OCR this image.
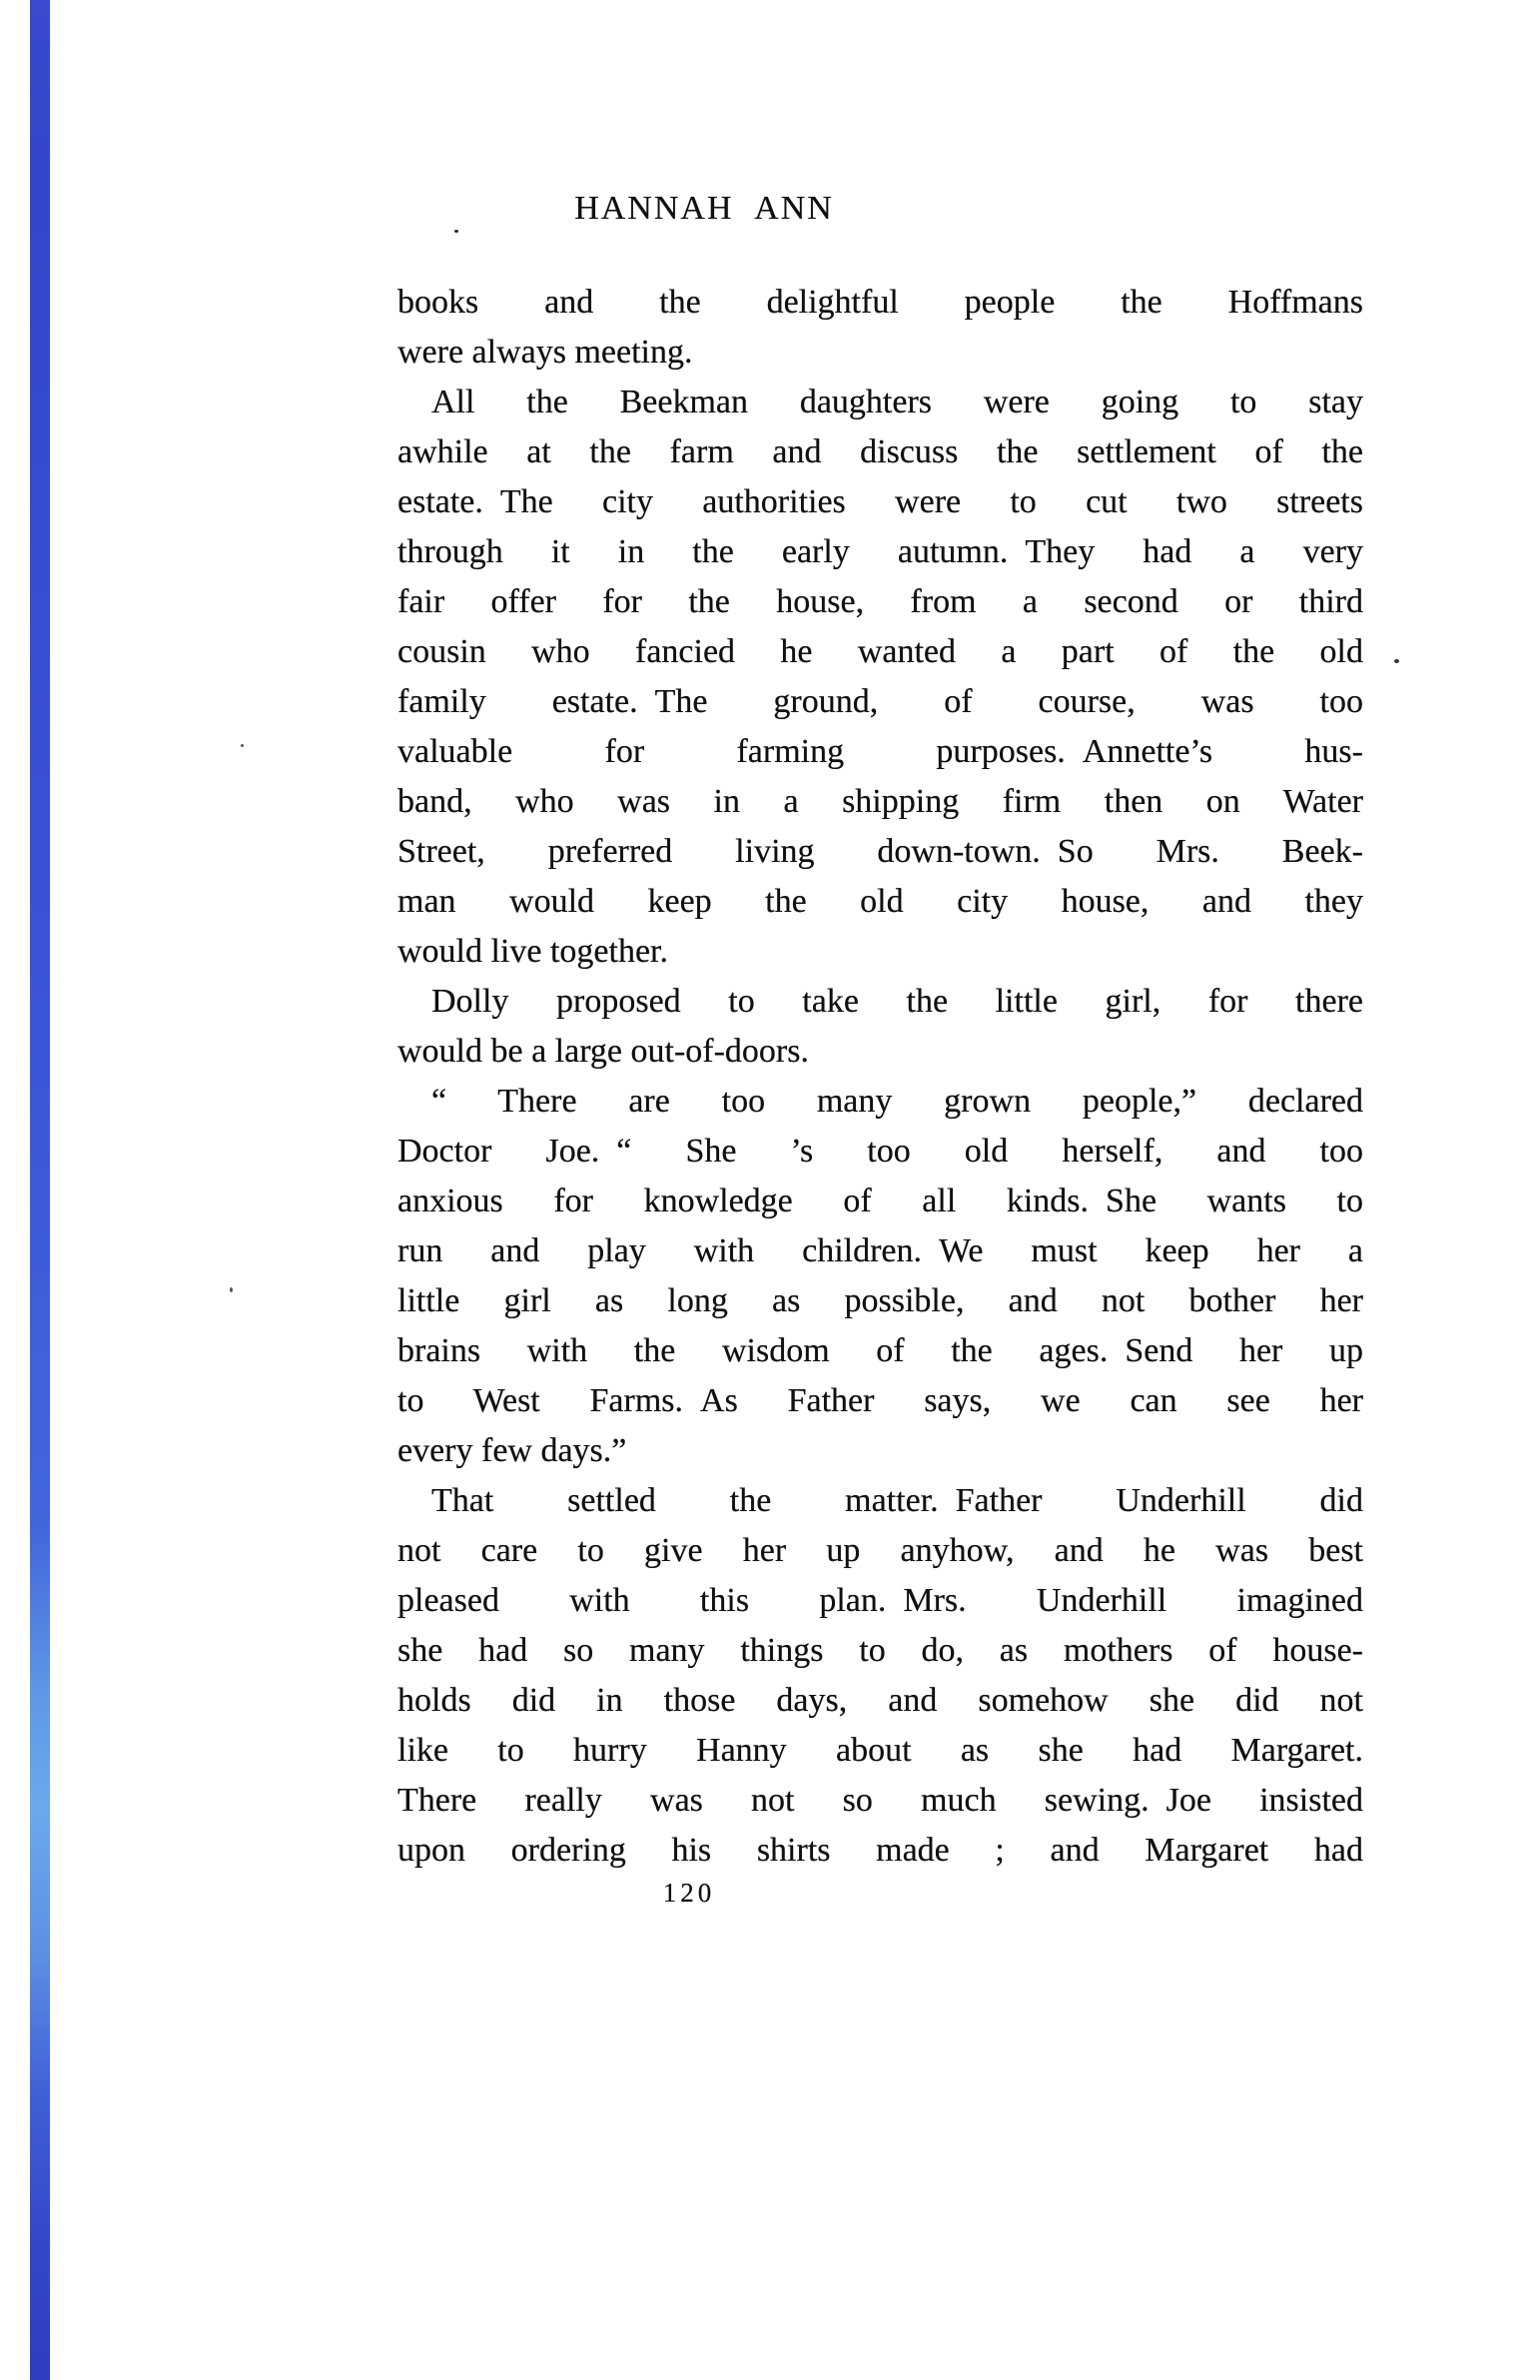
HANNAH ANN
books and the delightful people the Hoffmans
were always meeting.
All the Beekman daughters were going to stay
awhile at the farm and discuss the settlement of the
estate. The city authorities were to cut two streets
through it in the early autumn. They had a very
fair offer for the house, from a second or third
cousin who fancied he wanted a part of the old
family estate. The ground, of course, was too
valuable for farming purposes. Annette’s hus-
band, who was in a shipping firm then on Water
Street, preferred living down-town. So Mrs. Beek-
man would keep the old city house, and they
would live together.
Dolly proposed to take the little girl, for there
would be a large out-of-doors.
“ There are too many grown people,” declared
Doctor Joe. “ She ’s too old herself, and too
anxious for knowledge of all kinds. She wants to
run and play with children. We must keep her a
little girl as long as possible, and not bother her
brains with the wisdom of the ages. Send her up
to West Farms. As Father says, we can see her
every few days.”
That settled the matter. Father Underhill did
not care to give her up anyhow, and he was best
pleased with this plan. Mrs. Underhill imagined
she had so many things to do, as mothers of house-
holds did in those days, and somehow she did not
like to hurry Hanny about as she had Margaret.
There really was not so much sewing. Joe insisted
upon ordering his shirts made ; and Margaret had
120
